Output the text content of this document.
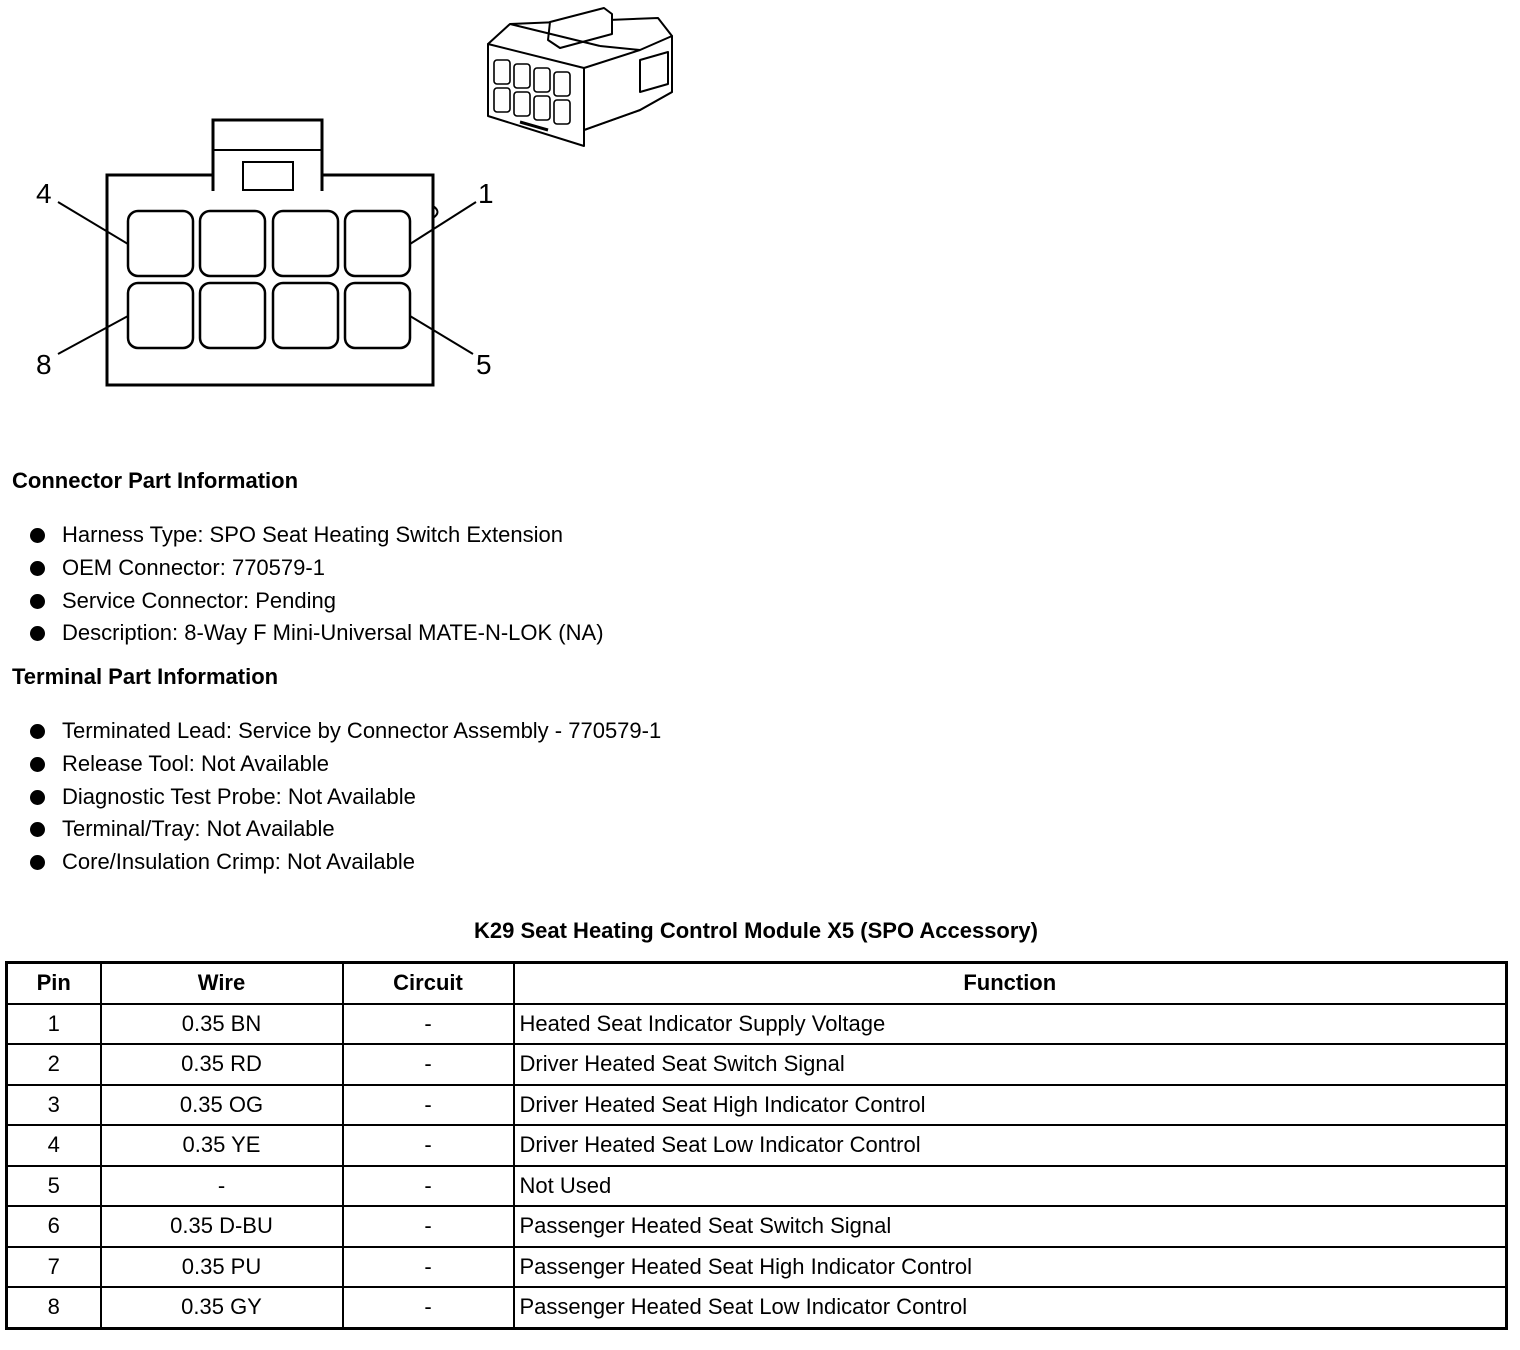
4	1
8	5
Connector Part Information
Harness Type: SPO Seat Heating Switch Extension
OEM Connector: 770579-1
Service Connector: Pending
Description: 8-Way F Mini-Universal MATE-N-LOK (NA)
Terminal Part Information
Terminated Lead: Service by Connector Assembly - 770579-1
Release Tool: Not Available
Diagnostic Test Probe: Not Available
Terminal/Tray: Not Available
Core/Insulation Crimp: Not Available
K29 Seat Heating Control Module X5 (SPO Accessory)
Pin	Wire	Circuit	Function
1	0.35 BN	-	Heated Seat Indicator Supply Voltage
2	0.35 RD	-	Driver Heated Seat Switch Signal
3	0.35 OG	-	Driver Heated Seat High Indicator Control
4	0.35 YE	-	Driver Heated Seat Low Indicator Control
5	-	-	Not Used
6	0.35 D-BU	-	Passenger Heated Seat Switch Signal
7	0.35 PU	-	Passenger Heated Seat High Indicator Control
8	0.35 GY	-	Passenger Heated Seat Low Indicator Control
